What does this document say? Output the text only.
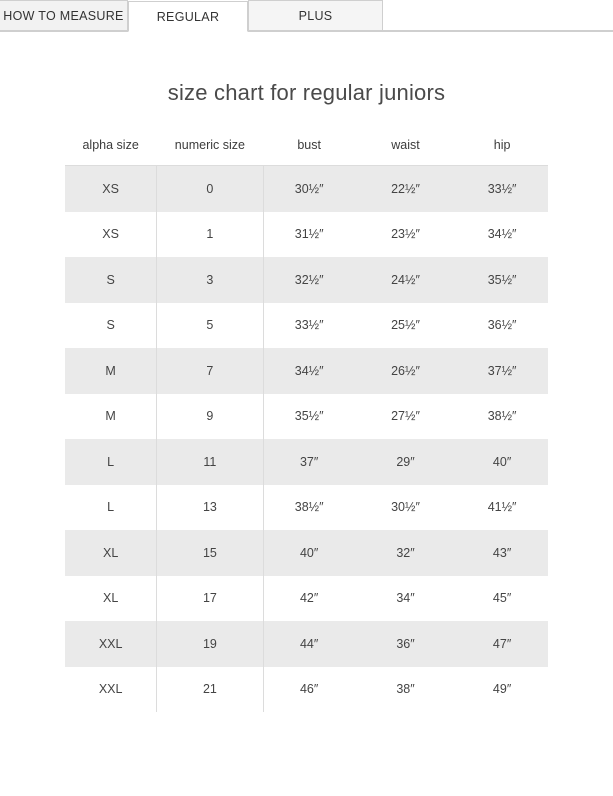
HOW TO MEASURE	REGULAR	PLUS
size chart for regular juniors
alpha size	numeric size	bust	waist	hip
XS	0	30½″	22½″	33½″
XS	1	31½″	23½″	34½″
S	3	32½″	24½″	35½″
S	5	33½″	25½″	36½″
M	7	34½″	26½″	37½″
M	9	35½″	27½″	38½″
L	11	37″	29″	40″
L	13	38½″	30½″	41½″
XL	15	40″	32″	43″
XL	17	42″	34″	45″
XXL	19	44″	36″	47″
XXL	21	46″	38″	49″
